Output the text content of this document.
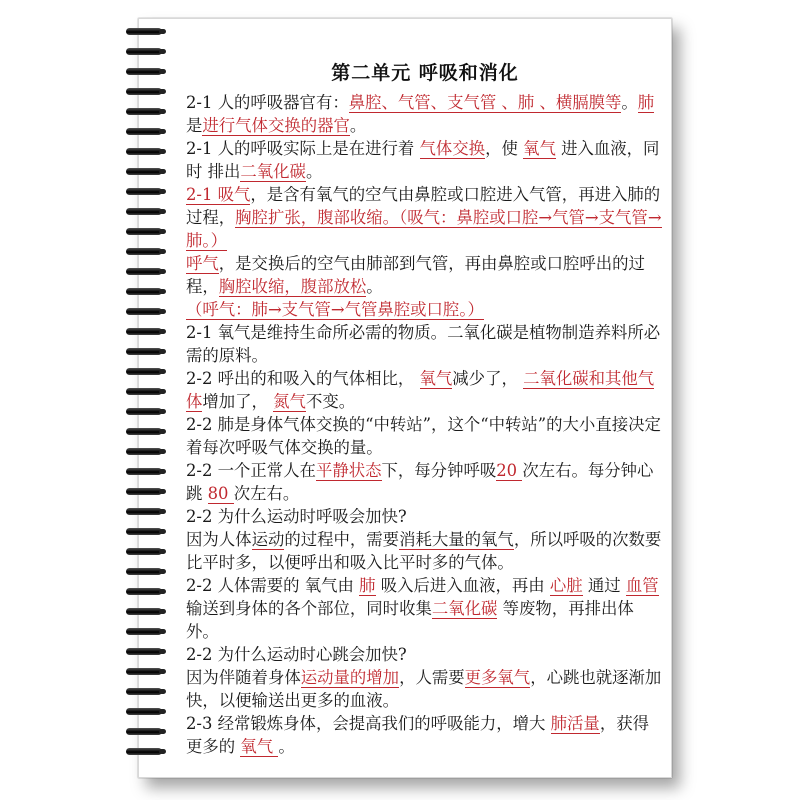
第二单元 呼吸和消化

2-1 人的呼吸器官有：鼻腔、气管、支气管 、肺 、横膈膜等。肺是进行气体交换的器官。

2-1 人的呼吸实际上是在进行着 气体交换，使 氧气 进入血液，同时 排出二氧化碳。

2-1 吸气，是含有氧气的空气由鼻腔或口腔进入气管，再进入肺的过程，胸腔扩张，腹部收缩。（吸气：鼻腔或口腔→气管→支气管→肺。）

呼气，是交换后的空气由肺部到气管，再由鼻腔或口腔呼出的过程，胸腔收缩，腹部放松。

（呼气：肺→支气管→气管鼻腔或口腔。）

2-1 氧气是维持生命所必需的物质。二氧化碳是植物制造养料所必需的原料。

2-2 呼出的和吸入的气体相比， 氧气减少了， 二氧化碳和其他气体增加了， 氮气不变。

2-2 肺是身体气体交换的“中转站”，这个“中转站”的大小直接决定着每次呼吸气体交换的量。

2-2 一个正常人在平静状态下，每分钟呼吸20 次左右。每分钟心跳 80 次左右。

2-2 为什么运动时呼吸会加快?

因为人体运动的过程中，需要消耗大量的氧气，所以呼吸的次数要比平时多，以便呼出和吸入比平时多的气体。

2-2 人体需要的 氧气由 肺 吸入后进入血液，再由 心脏 通过 血管 输送到身体的各个部位，同时收集二氧化碳 等废物，再排出体外。

2-2 为什么运动时心跳会加快?

因为伴随着身体运动量的增加，人需要更多氧气，心跳也就逐渐加快，以便输送出更多的血液。

2-3 经常锻炼身体，会提高我们的呼吸能力，增大 肺活量，获得更多的 氧气 。
